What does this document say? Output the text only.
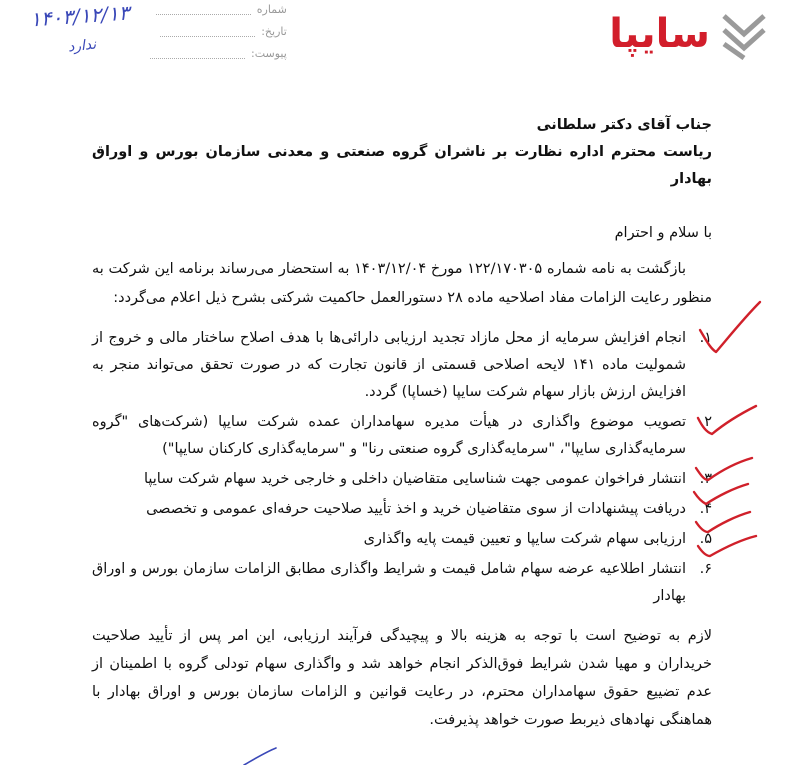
سایپا
شماره
تاریخ:
پیوست:
۱۴۰۳/۱۲/۱۳
ندارد

جناب آقای دکتر سلطانی

ریاست محترم اداره نظارت بر ناشران گروه صنعتی و معدنی سازمان بورس و اوراق بهادار

با سلام و احترام
بازگشت به نامه شماره ۱۲۲/۱۷۰۳۰۵ مورخ ۱۴۰۳/۱۲/۰۴ به استحضار می‌رساند برنامه این شرکت به منظور رعایت الزامات مفاد اصلاحیه ماده ۲۸ دستورالعمل حاکمیت شرکتی بشرح ذیل اعلام می‌گردد:
۱.
انجام افزایش سرمایه از محل مازاد تجدید ارزیابی دارائی‌ها با هدف اصلاح ساختار مالی و خروج از شمولیت ماده ۱۴۱ لایحه اصلاحی قسمتی از قانون تجارت که در صورت تحقق می‌تواند منجر به افزایش ارزش بازار سهام شرکت سایپا (خساپا) گردد.
۲.
تصویب موضوع واگذاری در هیأت مدیره سهامداران عمده شرکت سایپا (شرکت‌های "گروه سرمایه‌گذاری سایپا"، "سرمایه‌گذاری گروه صنعتی رنا" و "سرمایه‌گذاری کارکنان سایپا")
۳.
انتشار فراخوان عمومی جهت شناسایی متقاضیان داخلی و خارجی خرید سهام شرکت سایپا
۴.
دریافت پیشنهادات از سوی متقاضیان خرید و اخذ تأیید صلاحیت حرفه‌ای عمومی و تخصصی
۵.
ارزیابی سهام شرکت سایپا و تعیین قیمت پایه واگذاری
۶.
انتشار اطلاعیه عرضه سهام شامل قیمت و شرایط واگذاری مطابق الزامات سازمان بورس و اوراق بهادار
لازم به توضیح است با توجه به هزینه بالا و پیچیدگی فرآیند ارزیابی، این امر پس از تأیید صلاحیت خریداران و مهیا شدن شرایط فوق‌الذکر انجام خواهد شد و واگذاری سهام تودلی گروه با اطمینان از عدم تضییع حقوق سهامداران محترم، در رعایت قوانین و الزامات سازمان بورس و اوراق بهادار با هماهنگی نهادهای ذیربط صورت خواهد پذیرفت.
